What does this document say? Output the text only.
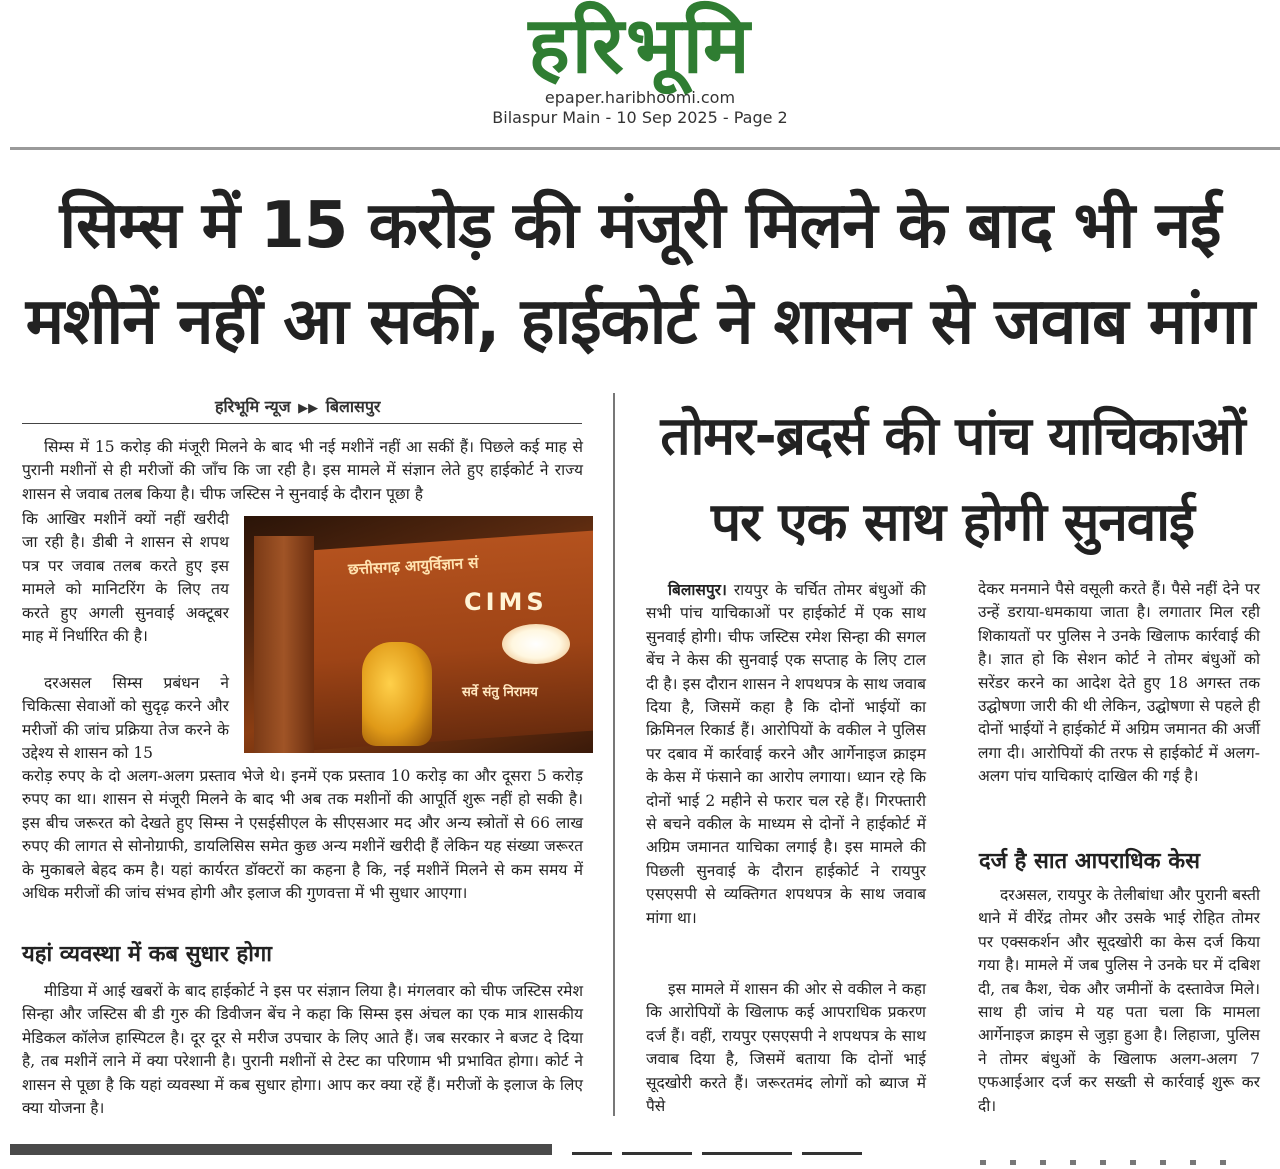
हरिभूमि
epaper.haribhoomi.com
Bilaspur Main - 10 Sep 2025 - Page 2
सिम्स में 15 करोड़ की मंजूरी मिलने के बाद भी नई
मशीनें नहीं आ सकीं, हाईकोर्ट ने शासन से जवाब मांगा
हरिभूमि न्यूज ▶▶ बिलासपुर

सिम्स में 15 करोड़ की मंजूरी मिलने के बाद भी नई मशीनें नहीं आ सकीं हैं। पिछले कई माह से पुरानी मशीनों से ही मरीजों की जाँच कि जा रही है। इस मामले में संज्ञान लेते हुए हाईकोर्ट ने राज्य शासन से जवाब तलब किया है। चीफ जस्टिस ने सुनवाई के दौरान पूछा है

कि आखिर मशीनें क्यों नहीं खरीदी जा रही है। डीबी ने शासन से शपथ पत्र पर जवाब तलब करते हुए इस मामले को मानिटरिंग के लिए तय करते हुए अगली सुनवाई अक्टूबर माह में निर्धारित की है।

दरअसल सिम्स प्रबंधन ने चिकित्सा सेवाओं को सुदृढ़ करने और मरीजों की जांच प्रक्रिया तेज करने के उद्देश्य से शासन को 15

करोड़ रुपए के दो अलग-अलग प्रस्ताव भेजे थे। इनमें एक प्रस्ताव 10 करोड़ का और दूसरा 5 करोड़ रुपए का था। शासन से मंजूरी मिलने के बाद भी अब तक मशीनों की आपूर्ति शुरू नहीं हो सकी है। इस बीच जरूरत को देखते हुए सिम्स ने एसईसीएल के सीएसआर मद और अन्य स्त्रोतों से 66 लाख रुपए की लागत से सोनोग्राफी, डायलिसिस समेत कुछ अन्य मशीनें खरीदी हैं लेकिन यह संख्या जरूरत के मुकाबले बेहद कम है। यहां कार्यरत डॉक्टरों का कहना है कि, नई मशीनें मिलने से कम समय में अधिक मरीजों की जांच संभव होगी और इलाज की गुणवत्ता में भी सुधार आएगा।

छत्तीसगढ़ आयुर्विज्ञान सं
CIMS
सर्वे संतु निरामय
यहां व्यवस्था में कब सुधार होगा

मीडिया में आई खबरों के बाद हाईकोर्ट ने इस पर संज्ञान लिया है। मंगलवार को चीफ जस्टिस रमेश सिन्हा और जस्टिस बी डी गुरु की डिवीजन बेंच ने कहा कि सिम्स इस अंचल का एक मात्र शासकीय मेडिकल कॉलेज हास्पिटल है। दूर दूर से मरीज उपचार के लिए आते हैं। जब सरकार ने बजट दे दिया है, तब मशीनें लाने में क्या परेशानी है। पुरानी मशीनों से टेस्ट का परिणाम भी प्रभावित होगा। कोर्ट ने शासन से पूछा है कि यहां व्यवस्था में कब सुधार होगा। आप कर क्या रहें हैं। मरीजों के इलाज के लिए क्या योजना है।

तोमर-ब्रदर्स की पांच याचिकाओं
पर एक साथ होगी सुनवाई

बिलासपुर। रायपुर के चर्चित तोमर बंधुओं की सभी पांच याचिकाओं पर हाईकोर्ट में एक साथ सुनवाई होगी। चीफ जस्टिस रमेश सिन्हा की सगल बेंच ने केस की सुनवाई एक सप्ताह के लिए टाल दी है। इस दौरान शासन ने शपथपत्र के साथ जवाब दिया है, जिसमें कहा है कि दोनों भाईयों का क्रिमिनल रिकार्ड हैं। आरोपियों के वकील ने पुलिस पर दबाव में कार्रवाई करने और आर्गेनाइज क्राइम के केस में फंसाने का आरोप लगाया। ध्यान रहे कि दोनों भाई 2 महीने से फरार चल रहे हैं। गिरफ्तारी से बचने वकील के माध्यम से दोनों ने हाईकोर्ट में अग्रिम जमानत याचिका लगाई है। इस मामले की पिछली सुनवाई के दौरान हाईकोर्ट ने रायपुर एसएसपी से व्यक्तिगत शपथपत्र के साथ जवाब मांगा था।

इस मामले में शासन की ओर से वकील ने कहा कि आरोपियों के खिलाफ कई आपराधिक प्रकरण दर्ज हैं। वहीं, रायपुर एसएसपी ने शपथपत्र के साथ जवाब दिया है, जिसमें बताया कि दोनों भाई सूदखोरी करते हैं। जरूरतमंद लोगों को ब्याज में पैसे

देकर मनमाने पैसे वसूली करते हैं। पैसे नहीं देने पर उन्हें डराया-धमकाया जाता है। लगातार मिल रही शिकायतों पर पुलिस ने उनके खिलाफ कार्रवाई की है। ज्ञात हो कि सेशन कोर्ट ने तोमर बंधुओं को सरेंडर करने का आदेश देते हुए 18 अगस्त तक उद्घोषणा जारी की थी लेकिन, उद्घोषणा से पहले ही दोनों भाईयों ने हाईकोर्ट में अग्रिम जमानत की अर्जी लगा दी। आरोपियों की तरफ से हाईकोर्ट में अलग-अलग पांच याचिकाएं दाखिल की गई है।

दर्ज है सात आपराधिक केस

दरअसल, रायपुर के तेलीबांधा और पुरानी बस्ती थाने में वीरेंद्र तोमर और उसके भाई रोहित तोमर पर एक्सकर्शन और सूदखोरी का केस दर्ज किया गया है। मामले में जब पुलिस ने उनके घर में दबिश दी, तब कैश, चेक और जमीनों के दस्तावेज मिले। साथ ही जांच मे यह पता चला कि मामला आर्गेनाइज क्राइम से जुड़ा हुआ है। लिहाजा, पुलिस ने तोमर बंधुओं के खिलाफ अलग-अलग 7 एफआईआर दर्ज कर सख्ती से कार्रवाई शुरू कर दी।
